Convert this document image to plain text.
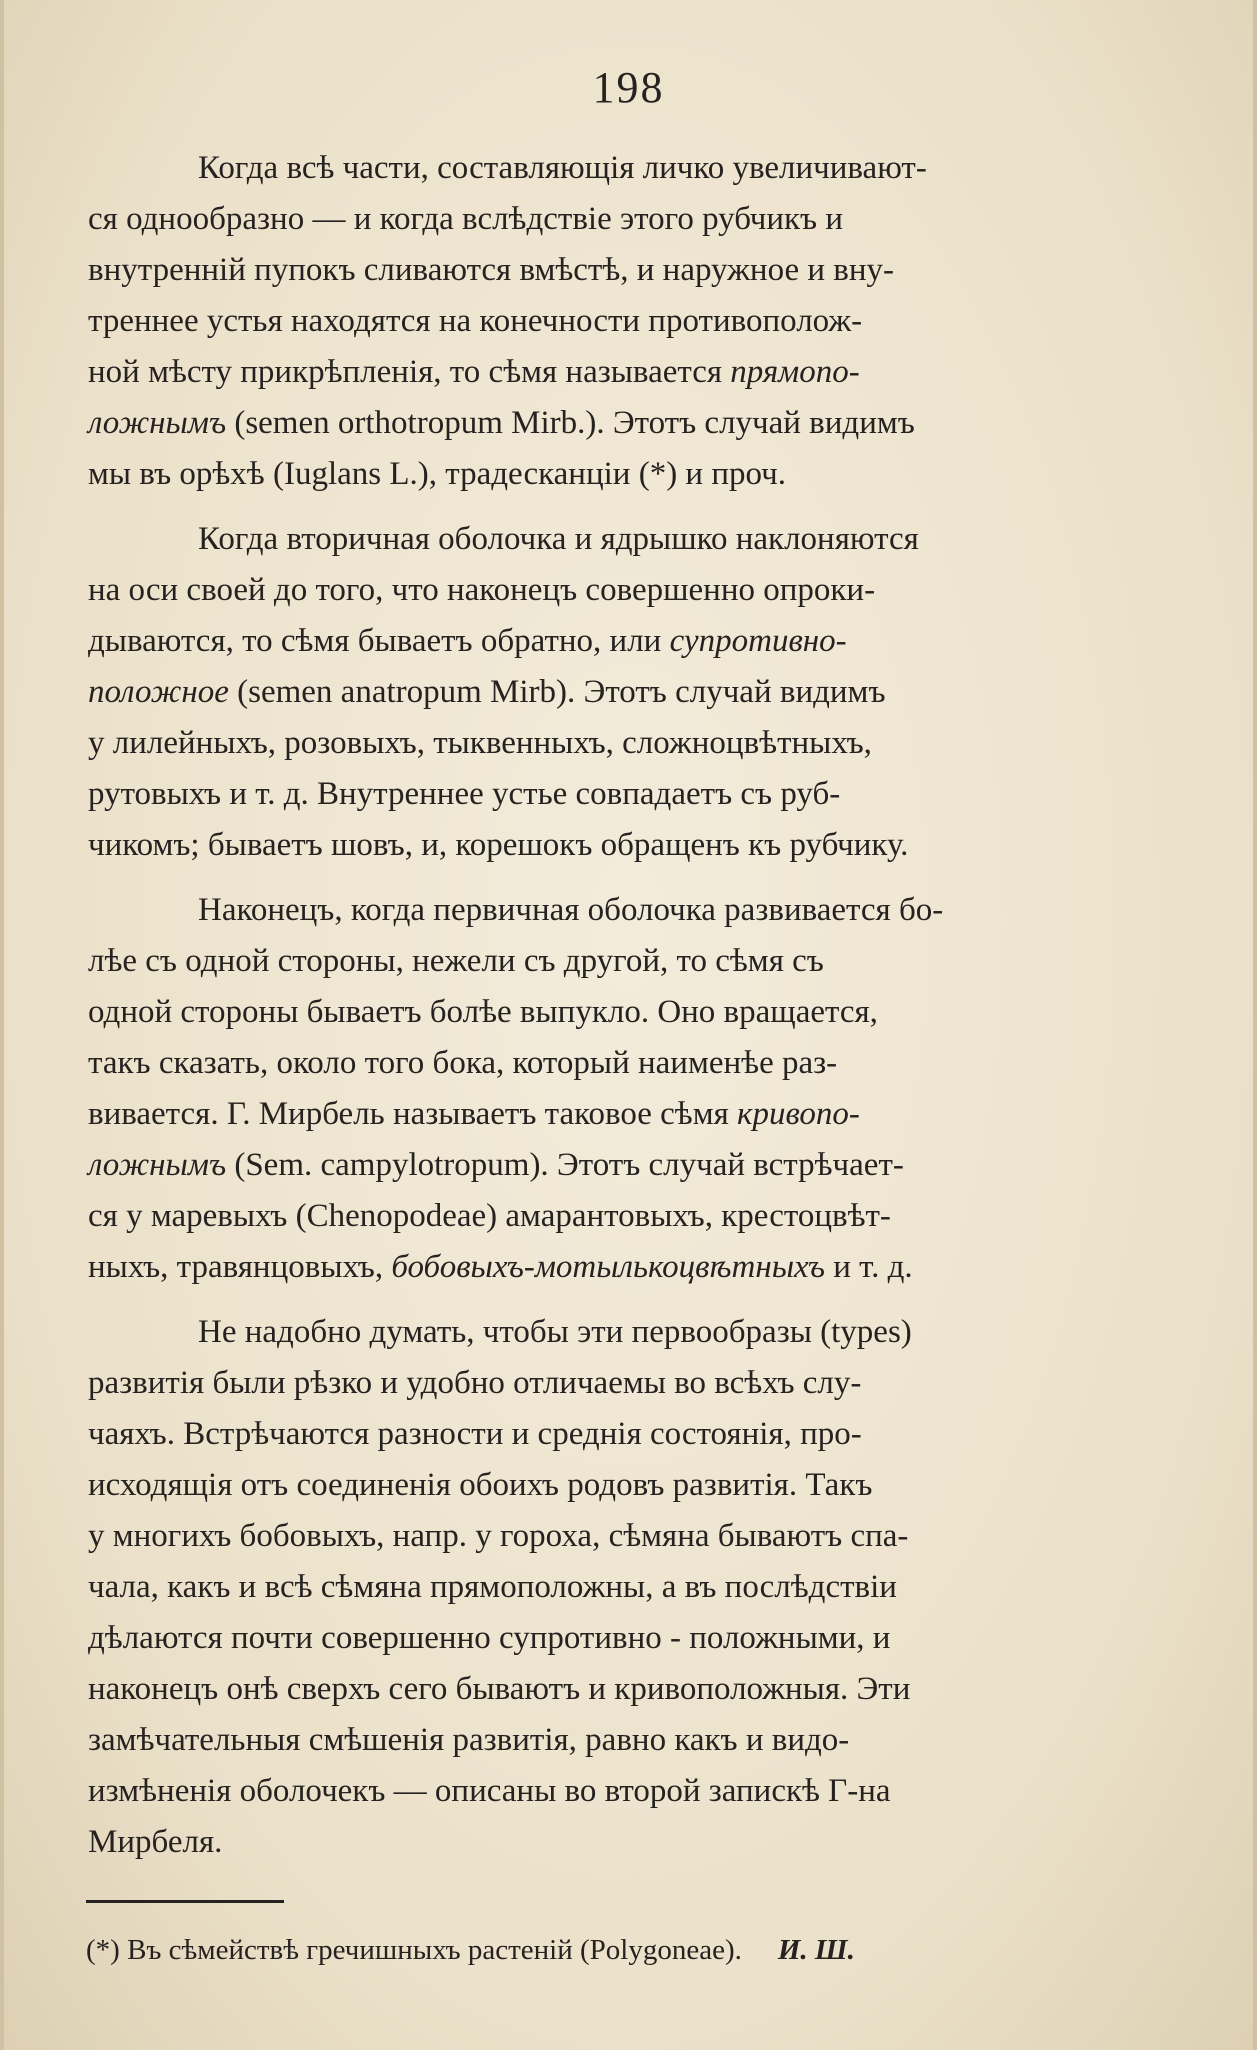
198

Когда всѣ части, составляющія личко увеличивают-
ся однообразно — и когда вслѣдствіе этого рубчикъ и
внутренній пупокъ сливаются вмѣстѣ, и наружное и вну-
треннее устья находятся на конечности противополож-
ной мѣсту прикрѣпленія, то сѣмя называется прямопо-
ложнымъ (semen orthotropum Mirb.). Этотъ случай видимъ
мы въ орѣхѣ (Iuglans L.), традесканціи (*) и проч.

Когда вторичная оболочка и ядрышко наклоняются
на оси своей до того, что наконецъ совершенно опроки-
дываются, то сѣмя бываетъ обратно, или супротивно-
положное (semen anatropum Mirb). Этотъ случай видимъ
у лилейныхъ, розовыхъ, тыквенныхъ, сложноцвѣтныхъ,
рутовыхъ и т. д. Внутреннее устье совпадаетъ съ руб-
чикомъ; бываетъ шовъ, и, корешокъ обращенъ къ рубчику.

Наконецъ, когда первичная оболочка развивается бо-
лѣе съ одной стороны, нежели съ другой, то сѣмя съ
одной стороны бываетъ болѣе выпукло. Оно вращается,
такъ сказать, около того бока, который наименѣе раз-
вивается. Г. Мирбель называетъ таковое сѣмя кривопо-
ложнымъ (Sem. campylotropum). Этотъ случай встрѣчает-
ся у маревыхъ (Chenopodeae) амарантовыхъ, крестоцвѣт-
ныхъ, травянцовыхъ, бобовыхъ-мотылькоцвѣтныхъ и т. д.

Не надобно думать, чтобы эти первообразы (types)
развитія были рѣзко и удобно отличаемы во всѣхъ слу-
чаяхъ. Встрѣчаются разности и среднія состоянія, про-
исходящія отъ соединенія обоихъ родовъ развитія. Такъ
у многихъ бобовыхъ, напр. у гороха, сѣмяна бываютъ спа-
чала, какъ и всѣ сѣмяна прямоположны, а въ послѣдствіи
дѣлаются почти совершенно супротивно - положными, и
наконецъ онѣ сверхъ сего бываютъ и кривоположныя. Эти
замѣчательныя смѣшенія развитія, равно какъ и видо-
измѣненія оболочекъ — описаны во второй запискѣ Г-на
Мирбеля.

(*) Въ сѣмействѣ гречишныхъ растеній (Polygoneae). И. Ш.
